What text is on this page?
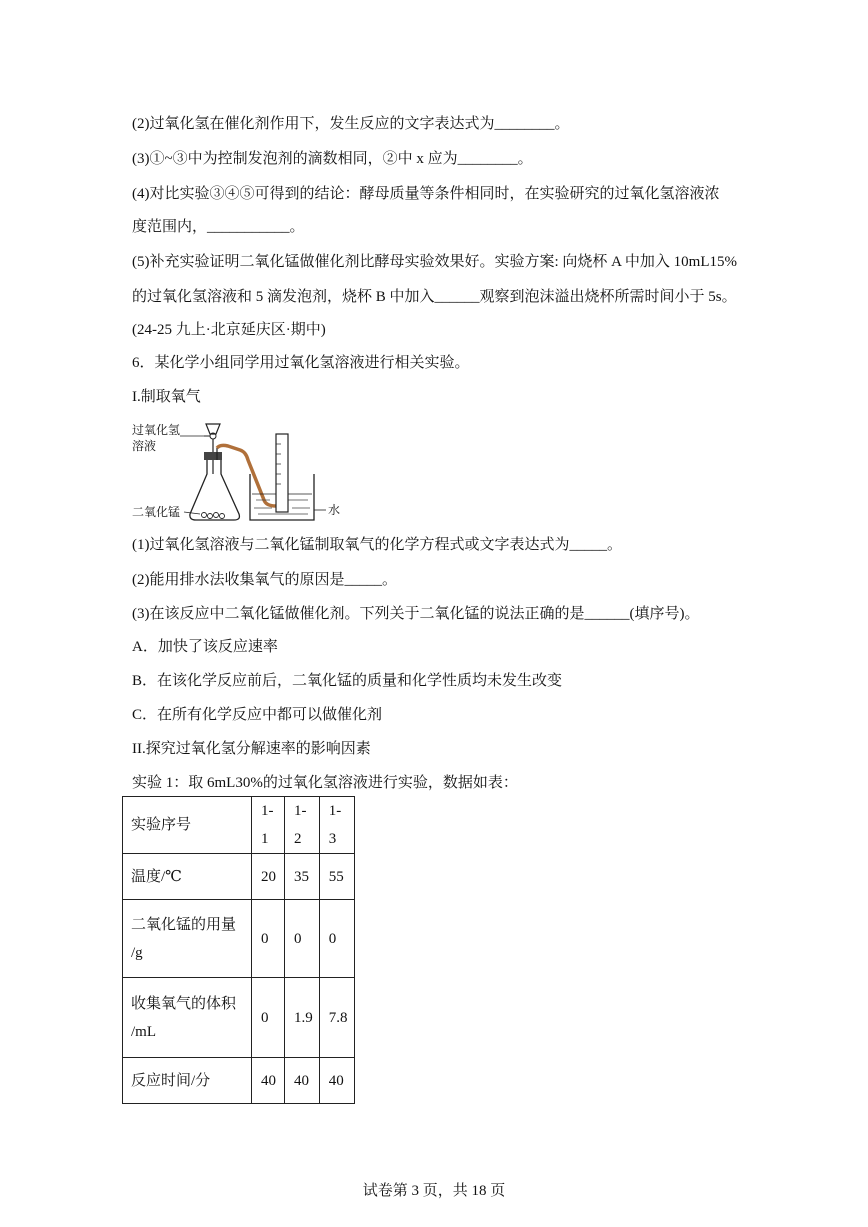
(2)过氧化氢在催化剂作用下，发生反应的文字表达式为________。
(3)①~③中为控制发泡剂的滴数相同，②中 x 应为________。
(4)对比实验③④⑤可得到的结论：酵母质量等条件相同时，在实验研究的过氧化氢溶液浓
度范围内，___________。
(5)补充实验证明二氧化锰做催化剂比酵母实验效果好。实验方案: 向烧杯 A 中加入 10mL15%
的过氧化氢溶液和 5 滴发泡剂，烧杯 B 中加入______观察到泡沫溢出烧杯所需时间小于 5s。
(24-25 九上·北京延庆区·期中)
6．某化学小组同学用过氧化氢溶液进行相关实验。
I.制取氧气
过氧化氢
溶液
二氧化锰	水
(1)过氧化氢溶液与二氧化锰制取氧气的化学方程式或文字表达式为_____。
(2)能用排水法收集氧气的原因是_____。
(3)在该反应中二氧化锰做催化剂。下列关于二氧化锰的说法正确的是______(填序号)。
A．加快了该反应速率
B．在该化学反应前后，二氧化锰的质量和化学性质均未发生改变
C．在所有化学反应中都可以做催化剂
II.探究过氧化氢分解速率的影响因素
实验 1：取 6mL30%的过氧化氢溶液进行实验，数据如表：
实验序号	1-1	1-2	1-3
温度/℃	20	35	55

二氧化锰的用量
/g	0	0	0

收集氧气的体积
/mL	0	1.9	7.8
反应时间/分	40	40	40
试卷第 3 页，共 18 页
